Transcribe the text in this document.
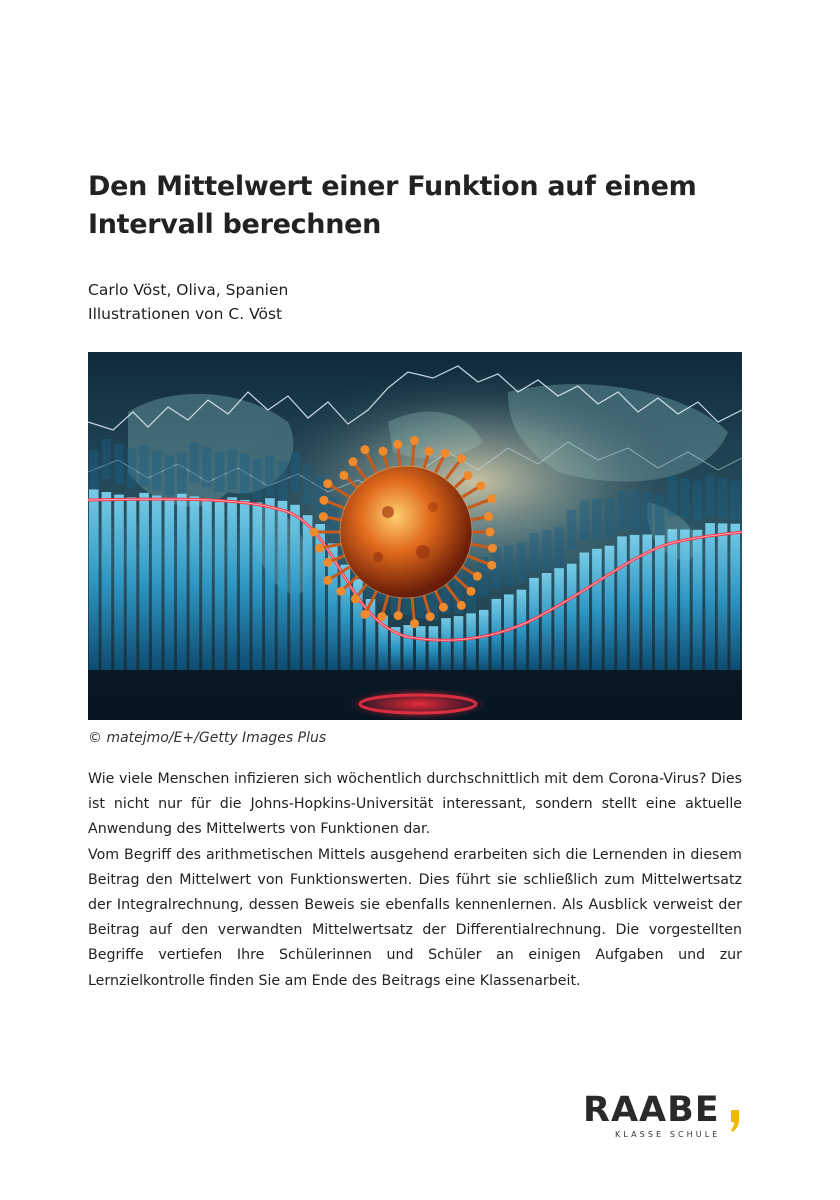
Den Mittelwert einer Funktion auf einem Intervall berechnen
Carlo Vöst, Oliva, Spanien
Illustrationen von C. Vöst
© matejmo/E+/Getty Images Plus

Wie viele Menschen infizieren sich wöchentlich durchschnittlich mit dem Corona-Virus? Dies ist nicht nur für die Johns-Hopkins-Universität interessant, sondern stellt eine aktuelle Anwendung des Mittelwerts von Funktionen dar.

Vom Begriff des arithmetischen Mittels ausgehend erarbeiten sich die Lernenden in diesem Beitrag den Mittelwert von Funktionswerten. Dies führt sie schließlich zum Mittelwertsatz der Integralrechnung, dessen Beweis sie ebenfalls kennenlernen. Als Ausblick verweist der Beitrag auf den verwandten Mittelwertsatz der Differentialrechnung. Die vorgestellten Begriffe vertiefen Ihre Schülerinnen und Schüler an einigen Aufgaben und zur Lernzielkontrolle finden Sie am Ende des Beitrags eine Klassenarbeit.

RAABE
KLASSE SCHULE
